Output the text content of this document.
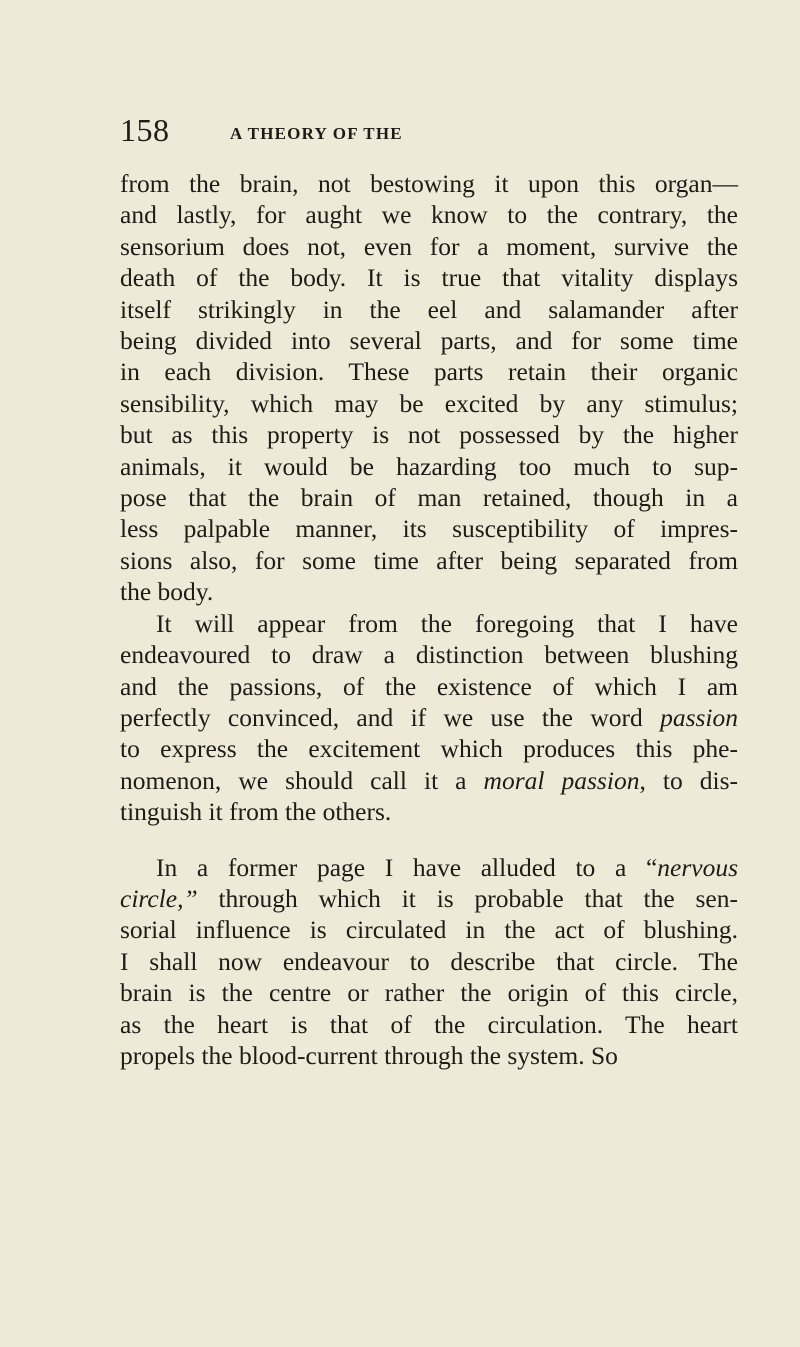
158	A THEORY OF THE
from the brain, not bestowing it upon this organ—
and lastly, for aught we know to the contrary, the
sensorium does not, even for a moment, survive the
death of the body. It is true that vitality displays
itself strikingly in the eel and salamander after
being divided into several parts, and for some time
in each division. These parts retain their organic
sensibility, which may be excited by any stimulus;
but as this property is not possessed by the higher
animals, it would be hazarding too much to sup-
pose that the brain of man retained, though in a
less palpable manner, its susceptibility of impres-
sions also, for some time after being separated from
the body.
It will appear from the foregoing that I have
endeavoured to draw a distinction between blushing
and the passions, of the existence of which I am
perfectly convinced, and if we use the word passion
to express the excitement which produces this phe-
nomenon, we should call it a moral passion, to dis-
tinguish it from the others.
In a former page I have alluded to a “nervous
circle,” through which it is probable that the sen-
sorial influence is circulated in the act of blushing.
I shall now endeavour to describe that circle. The
brain is the centre or rather the origin of this circle,
as the heart is that of the circulation. The heart
propels the blood-current through the system. So
